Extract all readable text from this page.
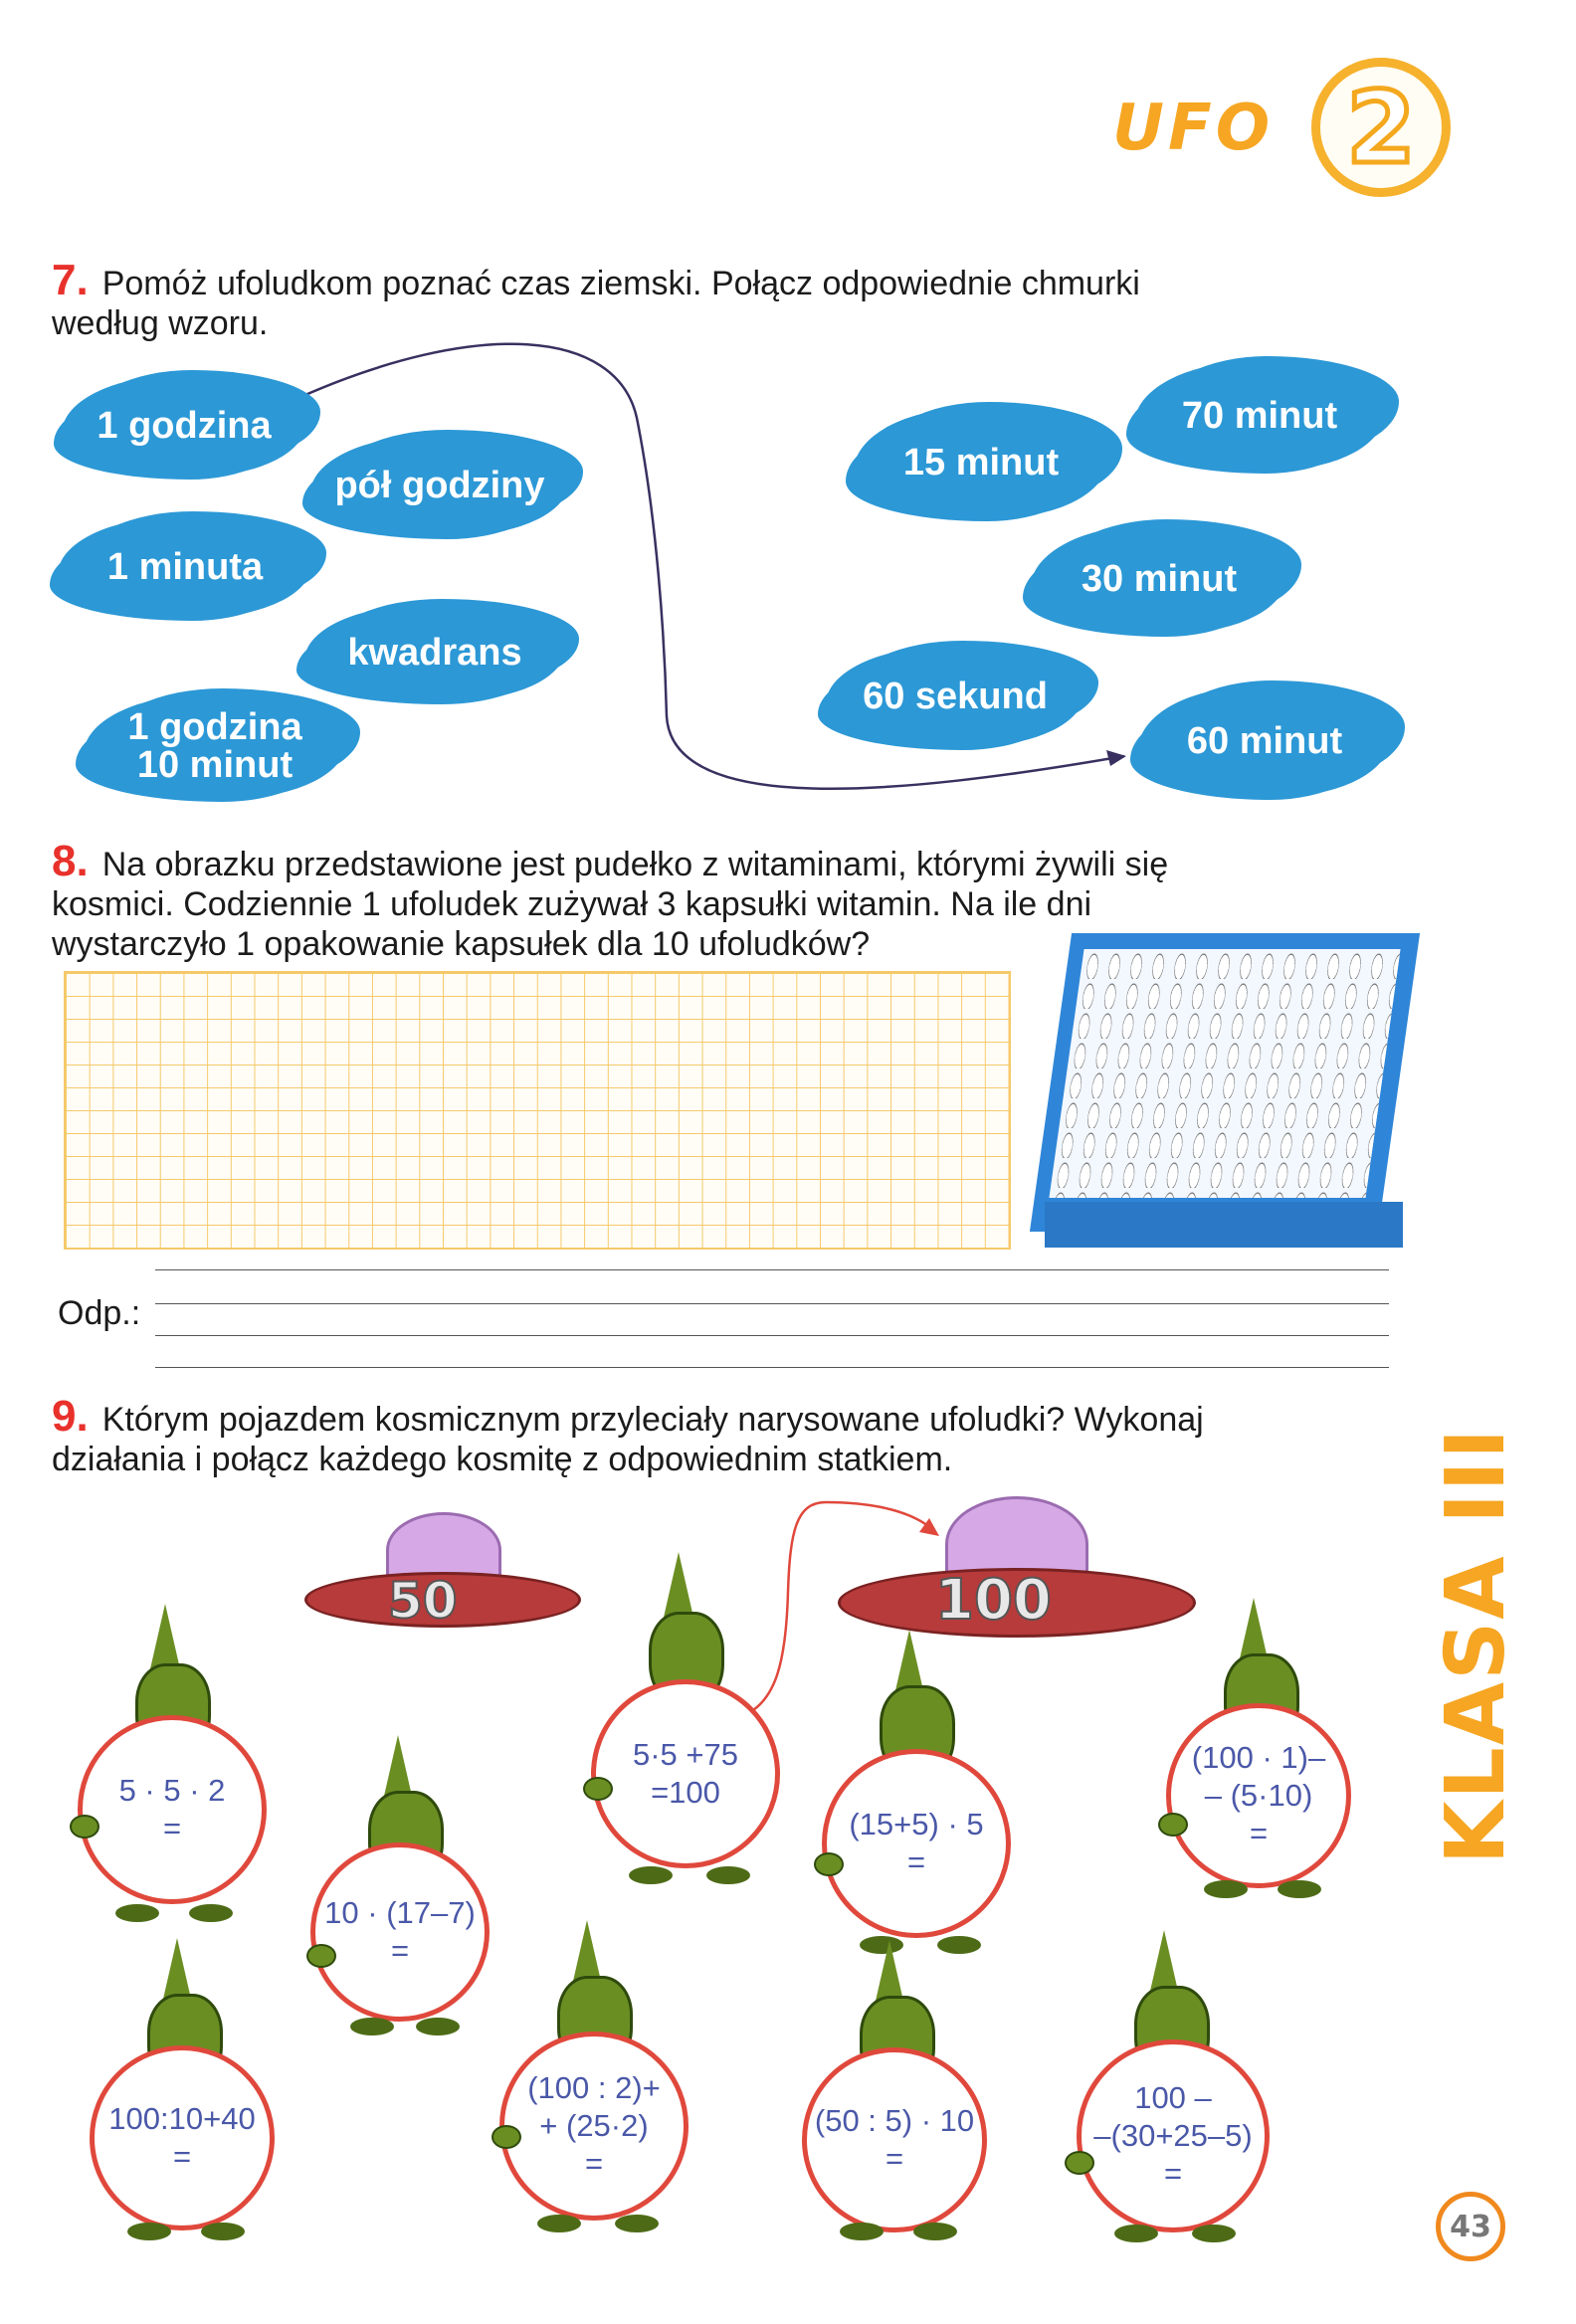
UFO 2
7. Pomóż ufoludkom poznać czas ziemski. Połącz odpowiednie chmurki
według wzoru.
1 godzina
pół godziny
1 minuta
kwadrans
1 godzina
10 minut
15 minut
70 minut
30 minut
60 sekund
60 minut
8. Na obrazku przedstawione jest pudełko z witaminami, którymi żywili się
kosmici. Codziennie 1 ufoludek zużywał 3 kapsułki witamin. Na ile dni
wystarczyło 1 opakowanie kapsułek dla 10 ufoludków?
Odp.:
9. Którym pojazdem kosmicznym przyleciały narysowane ufoludki? Wykonaj
działania i połącz każdego kosmitę z odpowiednim statkiem.
50	100
5 · 5 · 2
=
10 · (17–7)
=
5·5 +75
=100
(15+5) · 5
=
(100 · 1)–
– (5·10)
=
100:10+40
=
(100 : 2)+
+ (25·2)
=
(50 : 5) · 10
=
100 –
–(30+25–5)
=
KLASA III
43
